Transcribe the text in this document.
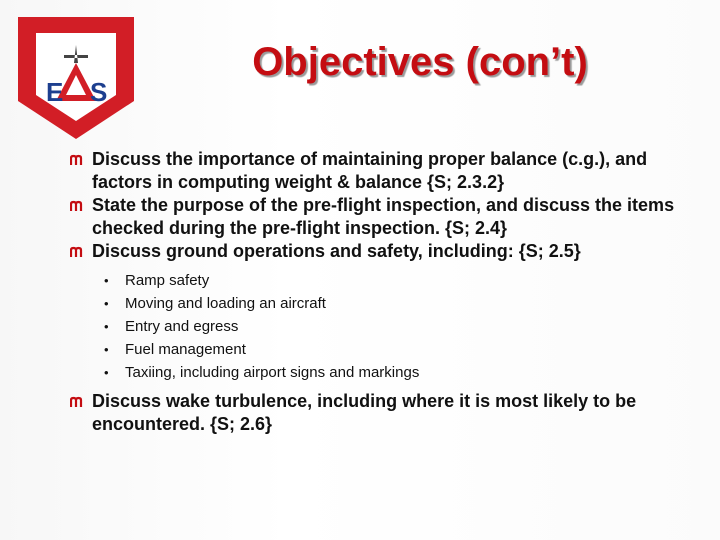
E S
Objectives (con’t)
Discuss the importance of maintaining proper balance (c.g.), and factors in computing weight & balance {S; 2.3.2}
State the purpose of the pre-flight inspection, and discuss the items checked during the pre-flight inspection. {S; 2.4}
Discuss ground operations and safety, including: {S; 2.5}
• Ramp safety
• Moving and loading an aircraft
• Entry and egress
• Fuel management
• Taxiing, including airport signs and markings
Discuss wake turbulence, including where it is most likely to be encountered. {S; 2.6}
